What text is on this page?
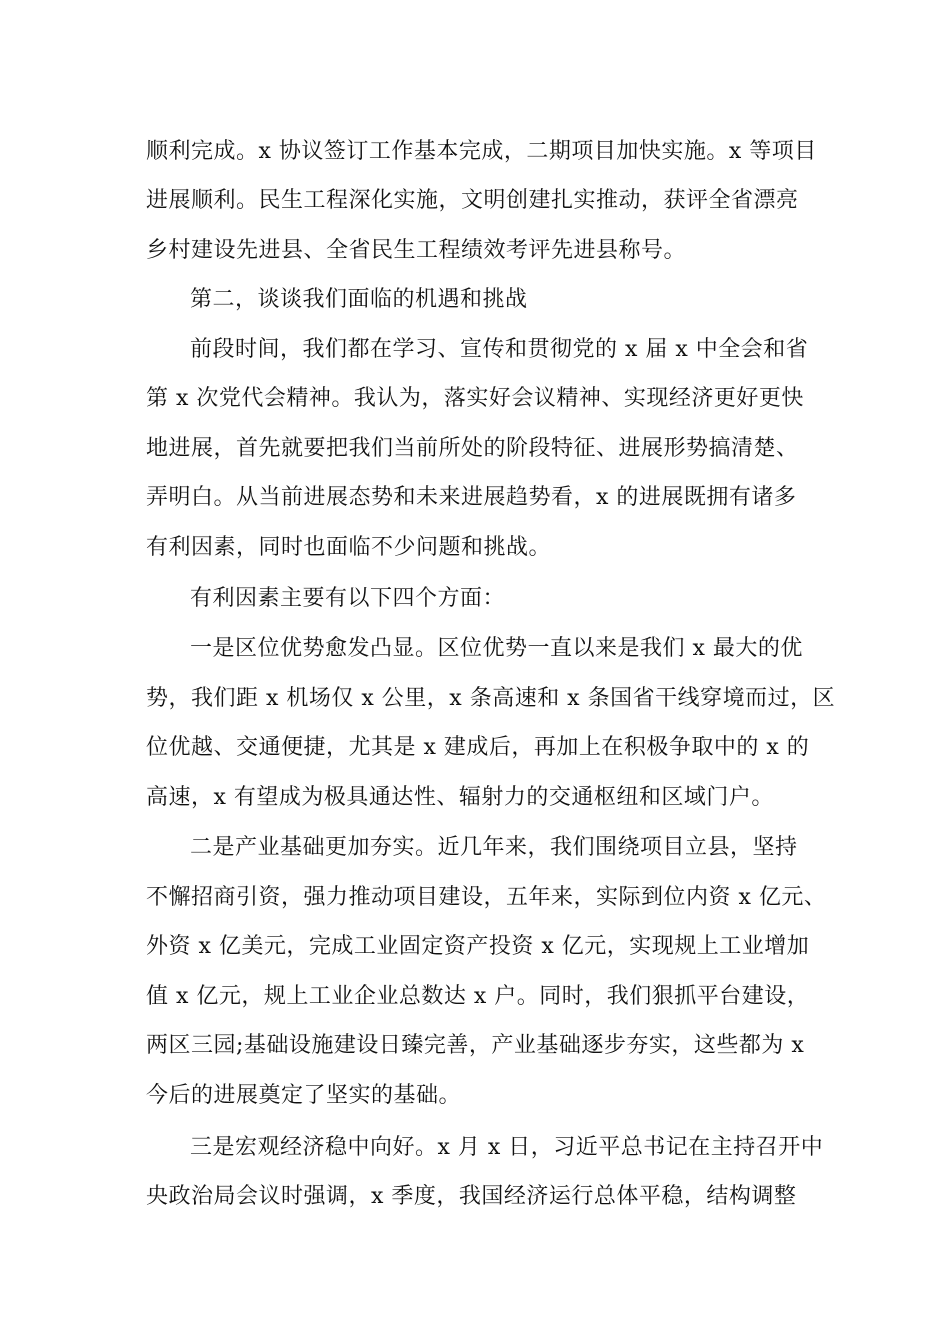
顺利完成。x 协议签订工作基本完成，二期项目加快实施。x 等项目
进展顺利。民生工程深化实施，文明创建扎实推动，获评全省漂亮
乡村建设先进县、全省民生工程绩效考评先进县称号。
第二，谈谈我们面临的机遇和挑战
前段时间，我们都在学习、宣传和贯彻党的 x 届 x 中全会和省
第 x 次党代会精神。我认为，落实好会议精神、实现经济更好更快
地进展，首先就要把我们当前所处的阶段特征、进展形势搞清楚、
弄明白。从当前进展态势和未来进展趋势看，x 的进展既拥有诸多
有利因素，同时也面临不少问题和挑战。
有利因素主要有以下四个方面：
一是区位优势愈发凸显。区位优势一直以来是我们 x 最大的优
势，我们距 x 机场仅 x 公里，x 条高速和 x 条国省干线穿境而过，区
位优越、交通便捷，尤其是 x 建成后，再加上在积极争取中的 x 的
高速，x 有望成为极具通达性、辐射力的交通枢纽和区域门户。
二是产业基础更加夯实。近几年来，我们围绕项目立县，坚持
不懈招商引资，强力推动项目建设，五年来，实际到位内资 x 亿元、
外资 x 亿美元，完成工业固定资产投资 x 亿元，实现规上工业增加
值 x 亿元，规上工业企业总数达 x 户。同时，我们狠抓平台建设，
两区三园;基础设施建设日臻完善，产业基础逐步夯实，这些都为 x
今后的进展奠定了坚实的基础。
三是宏观经济稳中向好。x 月 x 日，习近平总书记在主持召开中
央政治局会议时强调，x 季度，我国经济运行总体平稳，结构调整
